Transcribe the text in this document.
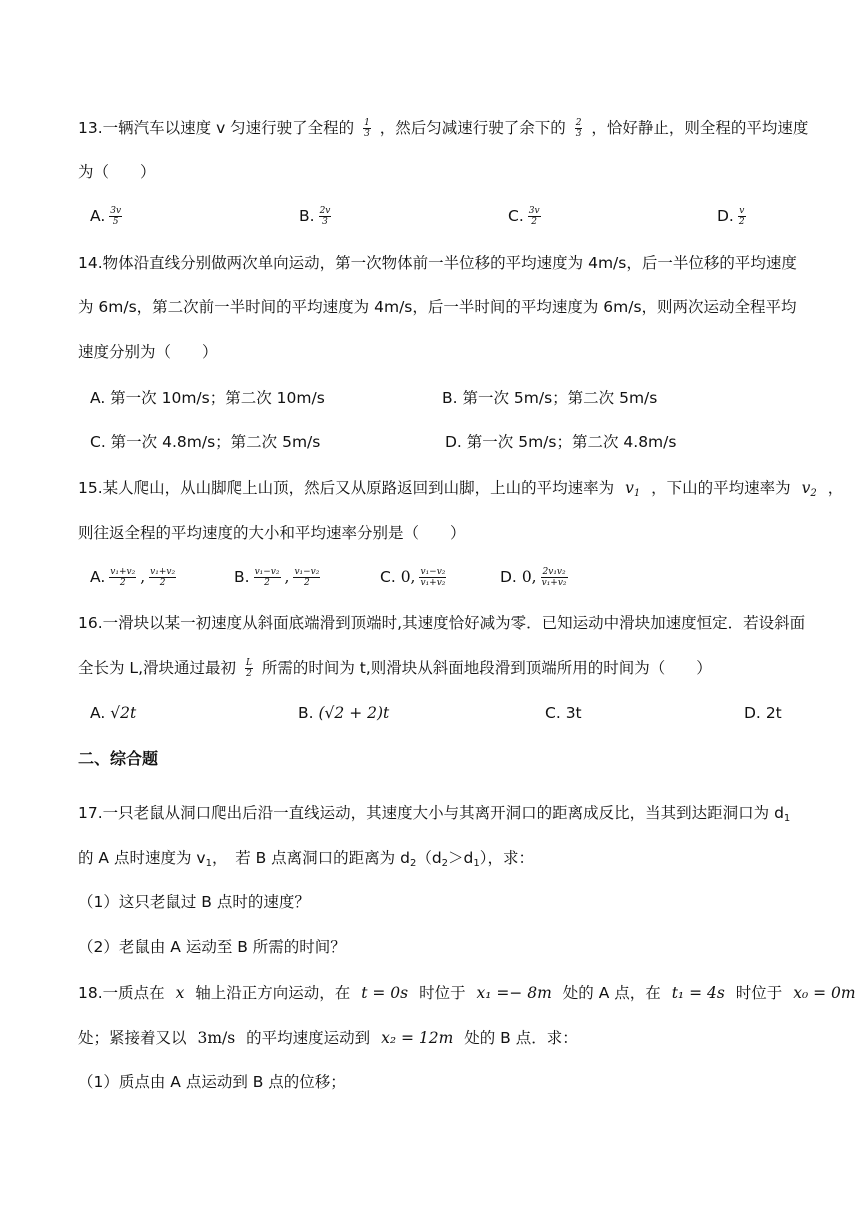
13.一辆汽车以速度 v 匀速行驶了全程的 $\frac{1}{3}$ ，然后匀减速行驶了余下的 $\frac{2}{3}$ ，恰好静止，则全程的平均速度
为（　　）
A. $\frac{3v}{5}$	B. $\frac{2v}{3}$	C. $\frac{3v}{2}$	D. $\frac{v}{2}$
14.物体沿直线分别做两次单向运动，第一次物体前一半位移的平均速度为 4m/s，后一半位移的平均速度
为 6m/s，第二次前一半时间的平均速度为 4m/s，后一半时间的平均速度为 6m/s，则两次运动全程平均
速度分别为（　　）
A. 第一次 10m/s；第二次 10m/s	B. 第一次 5m/s；第二次 5m/s
C. 第一次 4.8m/s；第二次 5m/s	D. 第一次 5m/s；第二次 4.8m/s
15.某人爬山，从山脚爬上山顶，然后又从原路返回到山脚，上山的平均速率为 $v_1$ ，下山的平均速率为 $v_2$ ，
则往返全程的平均速度的大小和平均速率分别是（　　）
A. $\frac{\text{v₁+v₂}}{2}$ , $\frac{\text{v₁+v₂}}{2}$	B. $\frac{\text{v₁−v₂}}{2}$ , $\frac{\text{v₁−v₂}}{2}$	C. 0, $\frac{\text{v₁−v₂}}{\text{v₁+v₂}}$	D. 0, $\frac{\text{2v₁v₂}}{\text{v₁+v₂}}$
16.一滑块以某一初速度从斜面底端滑到顶端时,其速度恰好减为零．已知运动中滑块加速度恒定．若设斜面
全长为 L,滑块通过最初 $\frac{L}{2}$ 所需的时间为 t,则滑块从斜面地段滑到顶端所用的时间为（　　）
A. √2t	B. (√2 + 2)t	C. 3t	D. 2t
二、综合题
17.一只老鼠从洞口爬出后沿一直线运动，其速度大小与其离开洞口的距离成反比，当其到达距洞口为 $d_1$
的 A 点时速度为 $v_1$，　若 B 点离洞口的距离为 $d_2(d_2>d_1)$，求：
（1）这只老鼠过 B 点时的速度？
（2）老鼠由 A 运动至 B 所需的时间？
18.一质点在 x 轴上沿正方向运动，在 t = 0s 时位于 x₁ =− 8m 处的 A 点，在 t₁ = 4s 时位于 x₀ = 0m
处；紧接着又以 3m/s 的平均速度运动到 x₂ = 12m 处的 B 点．求：
（1）质点由 A 点运动到 B 点的位移；
